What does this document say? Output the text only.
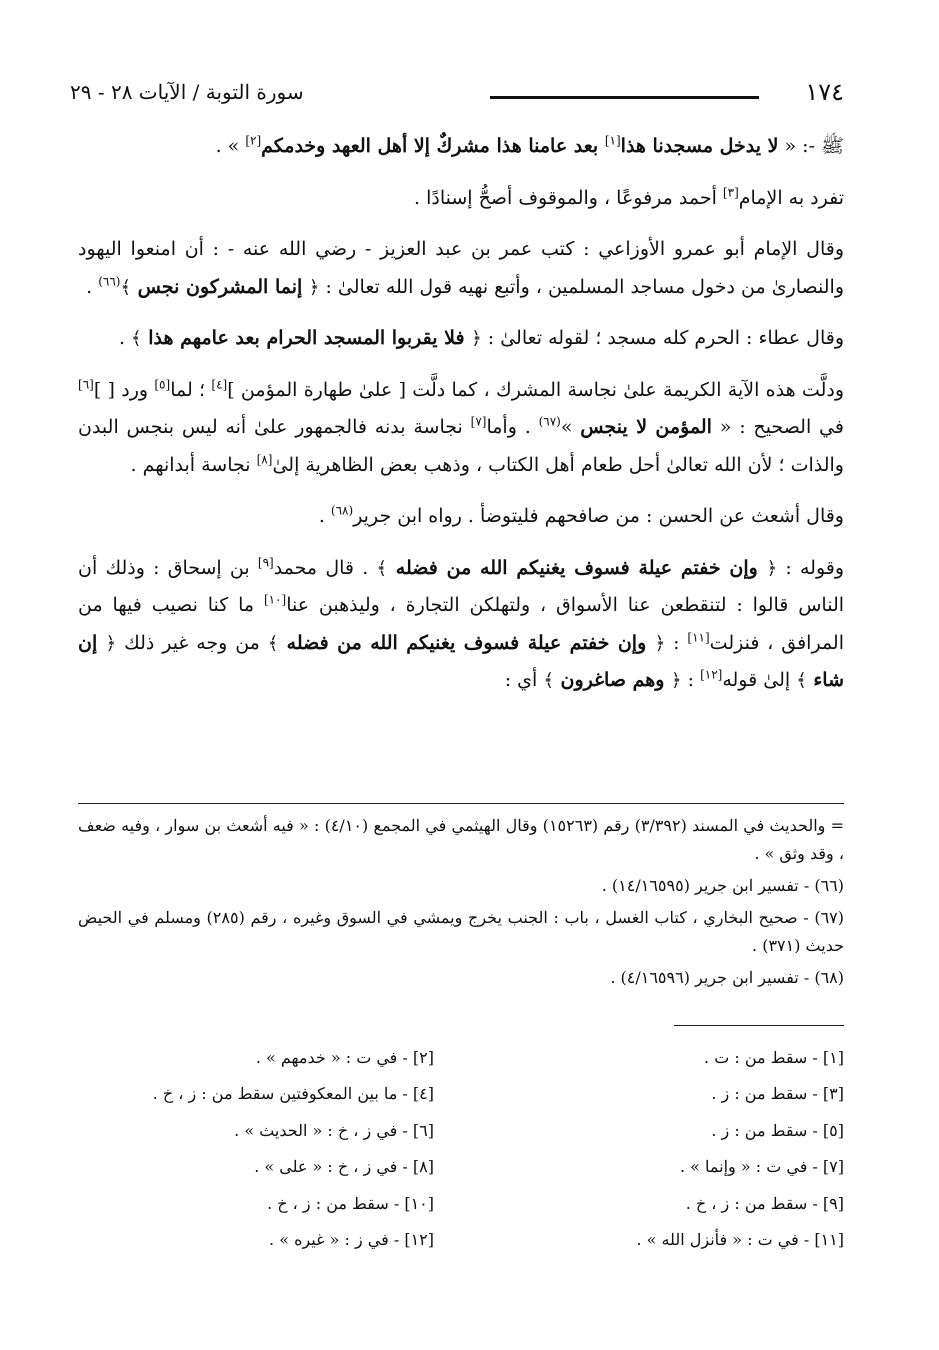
١٧٤
سورة التوبة / الآيات ٢٨ - ٢٩

ﷺ -: « لا يدخل مسجدنا هذا[١] بعد عامنا هذا مشركٌ إلا أهل العهد وخدمكم[٢] » .

تفرد به الإمام[٣] أحمد مرفوعًا ، والموقوف أصحُّ إسنادًا .

وقال الإمام أبو عمرو الأوزاعي : كتب عمر بن عبد العزيز - رضي الله عنه - : أن امنعوا اليهود والنصارىٰ من دخول مساجد المسلمين ، وأتبع نهيه قول الله تعالىٰ : ﴿ إنما المشركون نجس ﴾$^{(٦٦)}$ .

وقال عطاء : الحرم كله مسجد ؛ لقوله تعالىٰ : ﴿ فلا يقربوا المسجد الحرام بعد عامهم هذا ﴾ .

ودلَّت هذه الآية الكريمة علىٰ نجاسة المشرك ، كما دلَّت [ علىٰ طهارة المؤمن ][٤] ؛ لما[٥] ورد [ ][٦] في الصحيح : « المؤمن لا ينجس »$^{(٦٧)}$ . وأما[٧] نجاسة بدنه فالجمهور علىٰ أنه ليس بنجس البدن والذات ؛ لأن الله تعالىٰ أحل طعام أهل الكتاب ، وذهب بعض الظاهرية إلىٰ[٨] نجاسة أبدانهم .

وقال أشعث عن الحسن : من صافحهم فليتوضأ . رواه ابن جرير$^{(٦٨)}$ .

وقوله : ﴿ وإن خفتم عيلة فسوف يغنيكم الله من فضله ﴾ . قال محمد[٩] بن إسحاق : وذلك أن الناس قالوا : لتنقطعن عنا الأسواق ، ولتهلكن التجارة ، وليذهبن عنا[١٠] ما كنا نصيب فيها من المرافق ، فنزلت[١١] : ﴿ وإن خفتم عيلة فسوف يغنيكم الله من فضله ﴾ من وجه غير ذلك ﴿ إن شاء ﴾ إلىٰ قوله[١٢] : ﴿ وهم صاغرون ﴾ أي :

= والحديث في المسند (٣/٣٩٢) رقم (١٥٢٦٣) وقال الهيثمي في المجمع (٤/١٠) : « فيه أشعث بن سوار ، وفيه ضعف ، وقد وثق » .

(٦٦) - تفسير ابن جرير (١٤/١٦٥٩٥) .

(٦٧) - صحيح البخاري ، كتاب الغسل ، باب : الجنب يخرج ويمشي في السوق وغيره ، رقم (٢٨٥) ومسلم في الحيض حديث (٣٧١) .

(٦٨) - تفسير ابن جرير (٤/١٦٥٩٦) .

[١] - سقط من : ت .
[٣] - سقط من : ز .
[٥] - سقط من : ز .
[٧] - في ت : « وإنما » .
[٩] - سقط من : ز ، خ .
[١١] - في ت : « فأنزل الله » .
[٢] - في ت : « خدمهم » .
[٤] - ما بين المعكوفتين سقط من : ز ، خ .
[٦] - في ز ، خ : « الحديث » .
[٨] - في ز ، خ : « على » .
[١٠] - سقط من : ز ، خ .
[١٢] - في ز : « غيره » .
